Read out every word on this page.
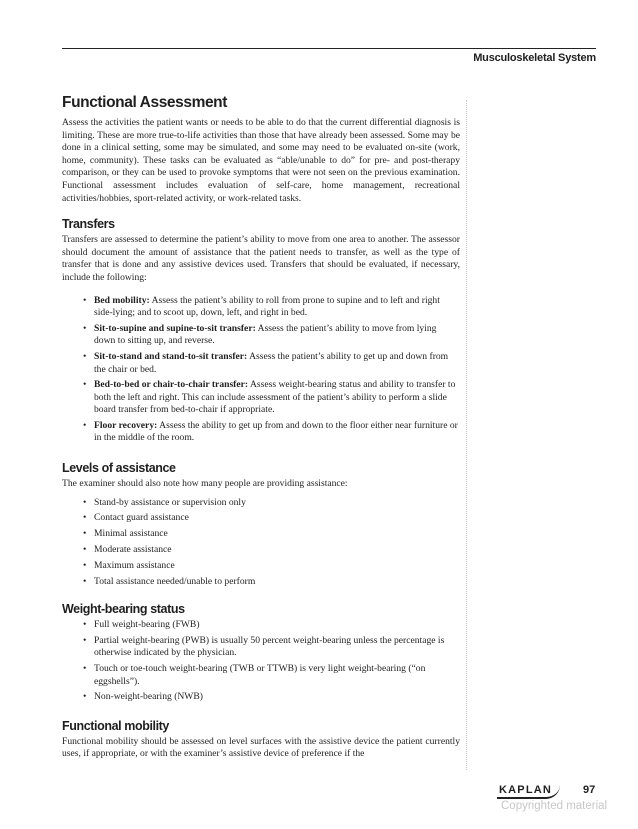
Musculoskeletal System
Functional Assessment

Assess the activities the patient wants or needs to be able to do that the current differential diagnosis is limiting. These are more true-to-life activities than those that have already been assessed. Some may be done in a clinical setting, some may be simulated, and some may need to be evaluated on-site (work, home, community). These tasks can be evaluated as “able/unable to do” for pre- and post-therapy comparison, or they can be used to provoke symptoms that were not seen on the previous examination. Functional assessment includes evaluation of self-care, home management, recreational activities/hobbies, sport-related activity, or work-related tasks.

Transfers

Transfers are assessed to determine the patient’s ability to move from one area to another. The assessor should document the amount of assistance that the patient needs to transfer, as well as the type of transfer that is done and any assistive devices used. Transfers that should be evaluated, if necessary, include the following:

• Bed mobility: Assess the patient’s ability to roll from prone to supine and to left and right side-lying; and to scoot up, down, left, and right in bed.
• Sit-to-supine and supine-to-sit transfer: Assess the patient’s ability to move from lying down to sitting up, and reverse.
• Sit-to-stand and stand-to-sit transfer: Assess the patient’s ability to get up and down from the chair or bed.
• Bed-to-bed or chair-to-chair transfer: Assess weight-bearing status and ability to transfer to both the left and right. This can include assessment of the patient’s ability to perform a slide board transfer from bed-to-chair if appropriate.
• Floor recovery: Assess the ability to get up from and down to the floor either near furniture or in the middle of the room.
Levels of assistance

The examiner should also note how many people are providing assistance:

• Stand-by assistance or supervision only
• Contact guard assistance
• Minimal assistance
• Moderate assistance
• Maximum assistance
• Total assistance needed/unable to perform
Weight-bearing status
• Full weight-bearing (FWB)
• Partial weight-bearing (PWB) is usually 50 percent weight-bearing unless the percentage is otherwise indicated by the physician.
• Touch or toe-touch weight-bearing (TWB or TTWB) is very light weight-bearing (“on eggshells”).
• Non-weight-bearing (NWB)
Functional mobility

Functional mobility should be assessed on level surfaces with the assistive device the patient currently uses, if appropriate, or with the examiner’s assistive device of preference if the

KAPLAN	97
Copyrighted material
